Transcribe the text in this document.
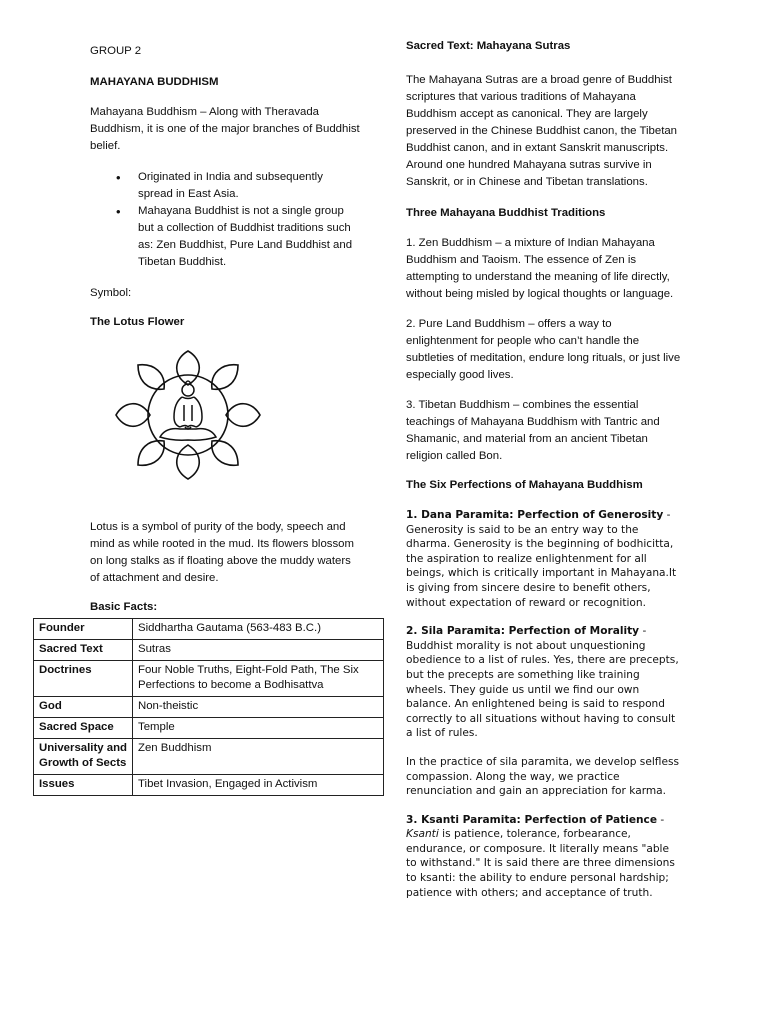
GROUP 2

MAHAYANA BUDDHISM

Mahayana Buddhism – Along with Theravada Buddhism, it is one of the major branches of Buddhist belief.

• Originated in India and subsequently spread in East Asia.
• Mahayana Buddhist is not a single group but a collection of Buddhist traditions such as: Zen Buddhist, Pure Land Buddhist and Tibetan Buddhist.

Symbol:

The Lotus Flower

Lotus is a symbol of purity of the body, speech and mind as while rooted in the mud. Its flowers blossom on long stalks as if floating above the muddy waters of attachment and desire.

Basic Facts:

Founder	Siddhartha Gautama (563-483 B.C.)
Sacred Text	Sutras
Doctrines	Four Noble Truths, Eight-Fold Path, The Six Perfections to become a Bodhisattva
God	Non-theistic
Sacred Space	Temple
Universality and Growth of Sects	Zen Buddhism
Issues	Tibet Invasion, Engaged in Activism

Sacred Text: Mahayana Sutras

The Mahayana Sutras are a broad genre of Buddhist scriptures that various traditions of Mahayana Buddhism accept as canonical. They are largely preserved in the Chinese Buddhist canon, the Tibetan Buddhist canon, and in extant Sanskrit manuscripts. Around one hundred Mahayana sutras survive in Sanskrit, or in Chinese and Tibetan translations.

Three Mahayana Buddhist Traditions

1. Zen Buddhism – a mixture of Indian Mahayana Buddhism and Taoism. The essence of Zen is attempting to understand the meaning of life directly, without being misled by logical thoughts or language.

2. Pure Land Buddhism – offers a way to enlightenment for people who can’t handle the subtleties of meditation, endure long rituals, or just live especially good lives.

3. Tibetan Buddhism – combines the essential teachings of Mahayana Buddhism with Tantric and Shamanic, and material from an ancient Tibetan religion called Bon.

The Six Perfections of Mahayana Buddhism

1. Dana Paramita: Perfection of Generosity - Generosity is said to be an entry way to the dharma. Generosity is the beginning of bodhicitta, the aspiration to realize enlightenment for all beings, which is critically important in Mahayana.It is giving from sincere desire to benefit others, without expectation of reward or recognition.

2. Sila Paramita: Perfection of Morality - Buddhist morality is not about unquestioning obedience to a list of rules. Yes, there are precepts, but the precepts are something like training wheels. They guide us until we find our own balance. An enlightened being is said to respond correctly to all situations without having to consult a list of rules.

In the practice of sila paramita, we develop selfless compassion. Along the way, we practice renunciation and gain an appreciation for karma.

3. Ksanti Paramita: Perfection of Patience -
Ksanti is patience, tolerance, forbearance, endurance, or composure. It literally means "able to withstand." It is said there are three dimensions to ksanti: the ability to endure personal hardship; patience with others; and acceptance of truth.
